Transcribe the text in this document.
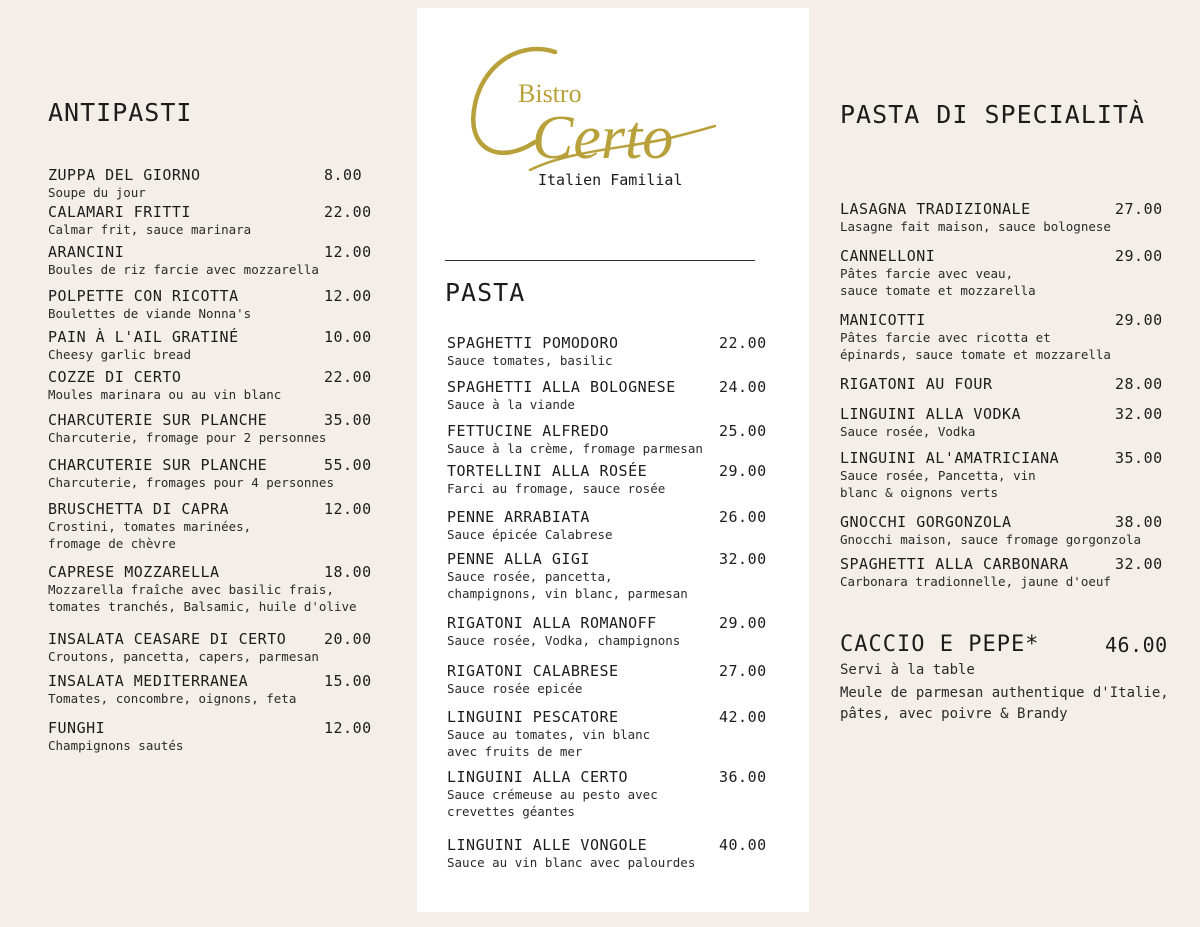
Bistro
Certo
Italien Familial
ANTIPASTI
PASTA
PASTA DI SPECIALITÀ
ZUPPA DEL GIORNO	8.00
Soupe du jour
CALAMARI FRITTI	22.00
Calmar frit, sauce marinara
ARANCINI	12.00
Boules de riz farcie avec mozzarella
POLPETTE CON RICOTTA	12.00
Boulettes de viande Nonna's
PAIN À L'AIL GRATINÉ	10.00
Cheesy garlic bread
COZZE DI CERTO	22.00
Moules marinara ou au vin blanc
CHARCUTERIE SUR PLANCHE	35.00
Charcuterie, fromage pour 2 personnes
CHARCUTERIE SUR PLANCHE	55.00
Charcuterie, fromages pour 4 personnes
BRUSCHETTA DI CAPRA	12.00
Crostini, tomates marinées,
fromage de chèvre
CAPRESE MOZZARELLA	18.00
Mozzarella fraîche avec basilic frais,
tomates tranchés, Balsamic, huile d'olive
INSALATA CEASARE DI CERTO	20.00
Croutons, pancetta, capers, parmesan
INSALATA MEDITERRANEA	15.00
Tomates, concombre, oignons, feta
FUNGHI	12.00
Champignons sautés
SPAGHETTI POMODORO	22.00
Sauce tomates, basilic
SPAGHETTI ALLA BOLOGNESE	24.00
Sauce à la viande
FETTUCINE ALFREDO	25.00
Sauce à la crème, fromage parmesan
TORTELLINI ALLA ROSÉE	29.00
Farci au fromage, sauce rosée
PENNE ARRABIATA	26.00
Sauce épicée Calabrese
PENNE ALLA GIGI	32.00
Sauce rosée, pancetta,
champignons, vin blanc, parmesan
RIGATONI ALLA ROMANOFF	29.00
Sauce rosée, Vodka, champignons
RIGATONI CALABRESE	27.00
Sauce rosée epicée
LINGUINI PESCATORE	42.00
Sauce au tomates, vin blanc
avec fruits de mer
LINGUINI ALLA CERTO	36.00
Sauce crémeuse au pesto avec
crevettes géantes
LINGUINI ALLE VONGOLE	40.00
Sauce au vin blanc avec palourdes
LASAGNA TRADIZIONALE	27.00
Lasagne fait maison, sauce bolognese
CANNELLONI	29.00
Pâtes farcie avec veau,
sauce tomate et mozzarella
MANICOTTI	29.00
Pâtes farcie avec ricotta et
épinards, sauce tomate et mozzarella
RIGATONI AU FOUR	28.00
LINGUINI ALLA VODKA	32.00
Sauce rosée, Vodka
LINGUINI AL'AMATRICIANA	35.00
Sauce rosée, Pancetta, vin
blanc & oignons verts
GNOCCHI GORGONZOLA	38.00
Gnocchi maison, sauce fromage gorgonzola
SPAGHETTI ALLA CARBONARA	32.00
Carbonara tradionnelle, jaune d'oeuf
CACCIO E PEPE*	46.00
Servi à la table
Meule de parmesan authentique d'Italie,
pâtes, avec poivre & Brandy
